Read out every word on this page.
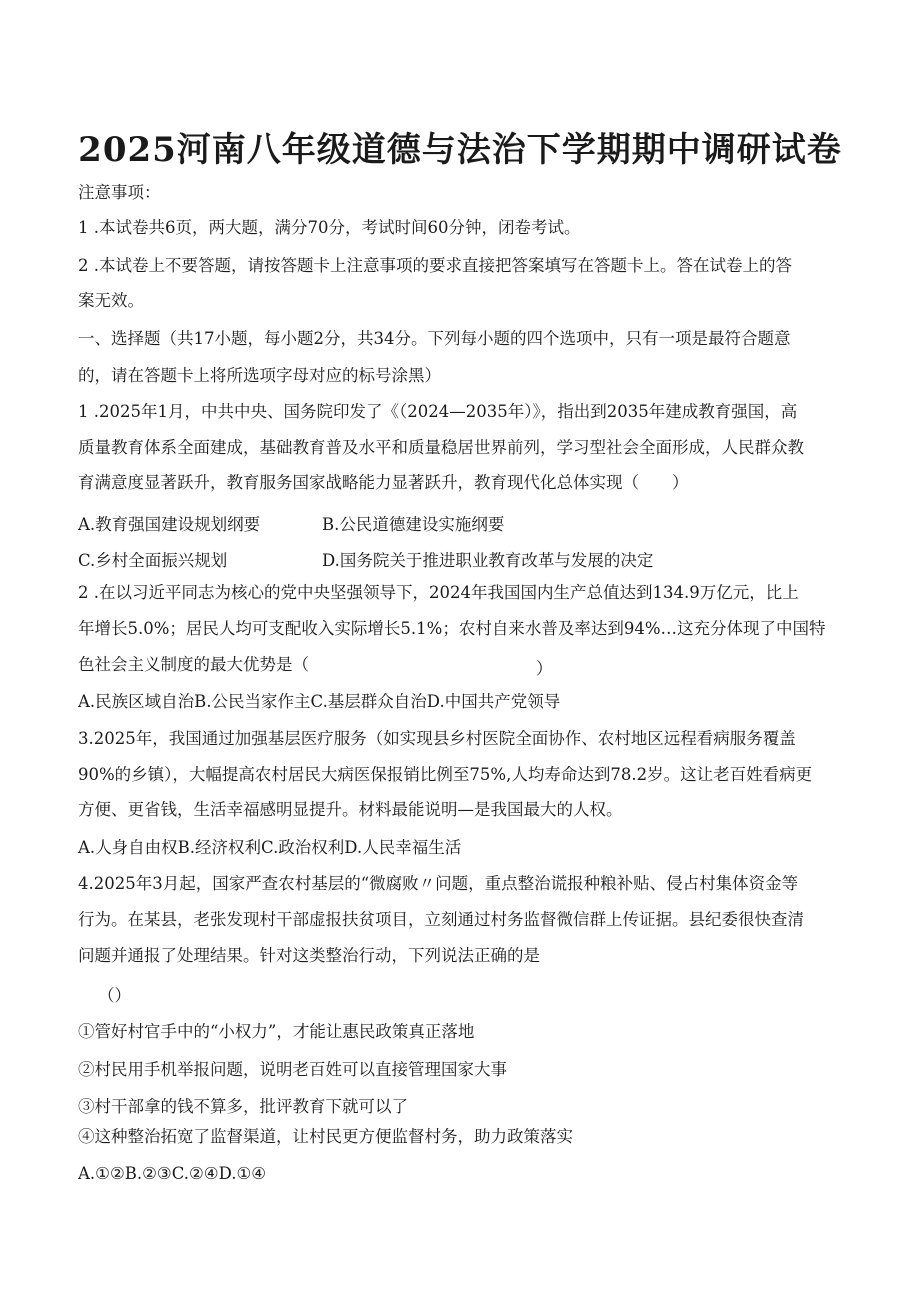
2025河南八年级道德与法治下学期期中调研试卷
注意事项：
1 .本试卷共6页，两大题，满分70分，考试时间60分钟，闭卷考试。
2 .本试卷上不要答题，请按答题卡上注意事项的要求直接把答案填写在答题卡上。答在试卷上的答
案无效。
一、选择题（共17小题，每小题2分，共34分。下列每小题的四个选项中，只有一项是最符合题意
的，请在答题卡上将所选项字母对应的标号涂黑）
1 .2025年1月，中共中央、国务院印发了《（2024—2035年）》，指出到2035年建成教育强国，高
质量教育体系全面建成，基础教育普及水平和质量稳居世界前列，学习型社会全面形成，人民群众教
育满意度显著跃升，教育服务国家战略能力显著跃升，教育现代化总体实现（　　）
A.教育强国建设规划纲要	B.公民道德建设实施纲要
C.乡村全面振兴规划	D.国务院关于推进职业教育改革与发展的决定
2 .在以习近平同志为核心的党中央坚强领导下，2024年我国国内生产总值达到134.9万亿元，比上
年增长5.0%；居民人均可支配收入实际增长5.1%；农村自来水普及率达到94%…这充分体现了中国特
色社会主义制度的最大优势是（	）
A.民族区域自治B.公民当家作主C.基层群众自治D.中国共产党领导
3.2025年，我国通过加强基层医疗服务（如实现县乡村医院全面协作、农村地区远程看病服务覆盖
90%的乡镇），大幅提高农村居民大病医保报销比例至75%,人均寿命达到78.2岁。这让老百姓看病更
方便、更省钱，生活幸福感明显提升。材料最能说明—是我国最大的人权。
A.人身自由权B.经济权利C.政治权利D.人民幸福生活
4.2025年3月起，国家严查农村基层的“微腐败〃问题，重点整治谎报种粮补贴、侵占村集体资金等
行为。在某县，老张发现村干部虚报扶贫项目，立刻通过村务监督微信群上传证据。县纪委很快查清
问题并通报了处理结果。针对这类整治行动，下列说法正确的是
（）
①管好村官手中的“小权力”，才能让惠民政策真正落地
②村民用手机举报问题，说明老百姓可以直接管理国家大事
③村干部拿的钱不算多，批评教育下就可以了
④这种整治拓宽了监督渠道，让村民更方便监督村务，助力政策落实
A.①②B.②③C.②④D.①④
